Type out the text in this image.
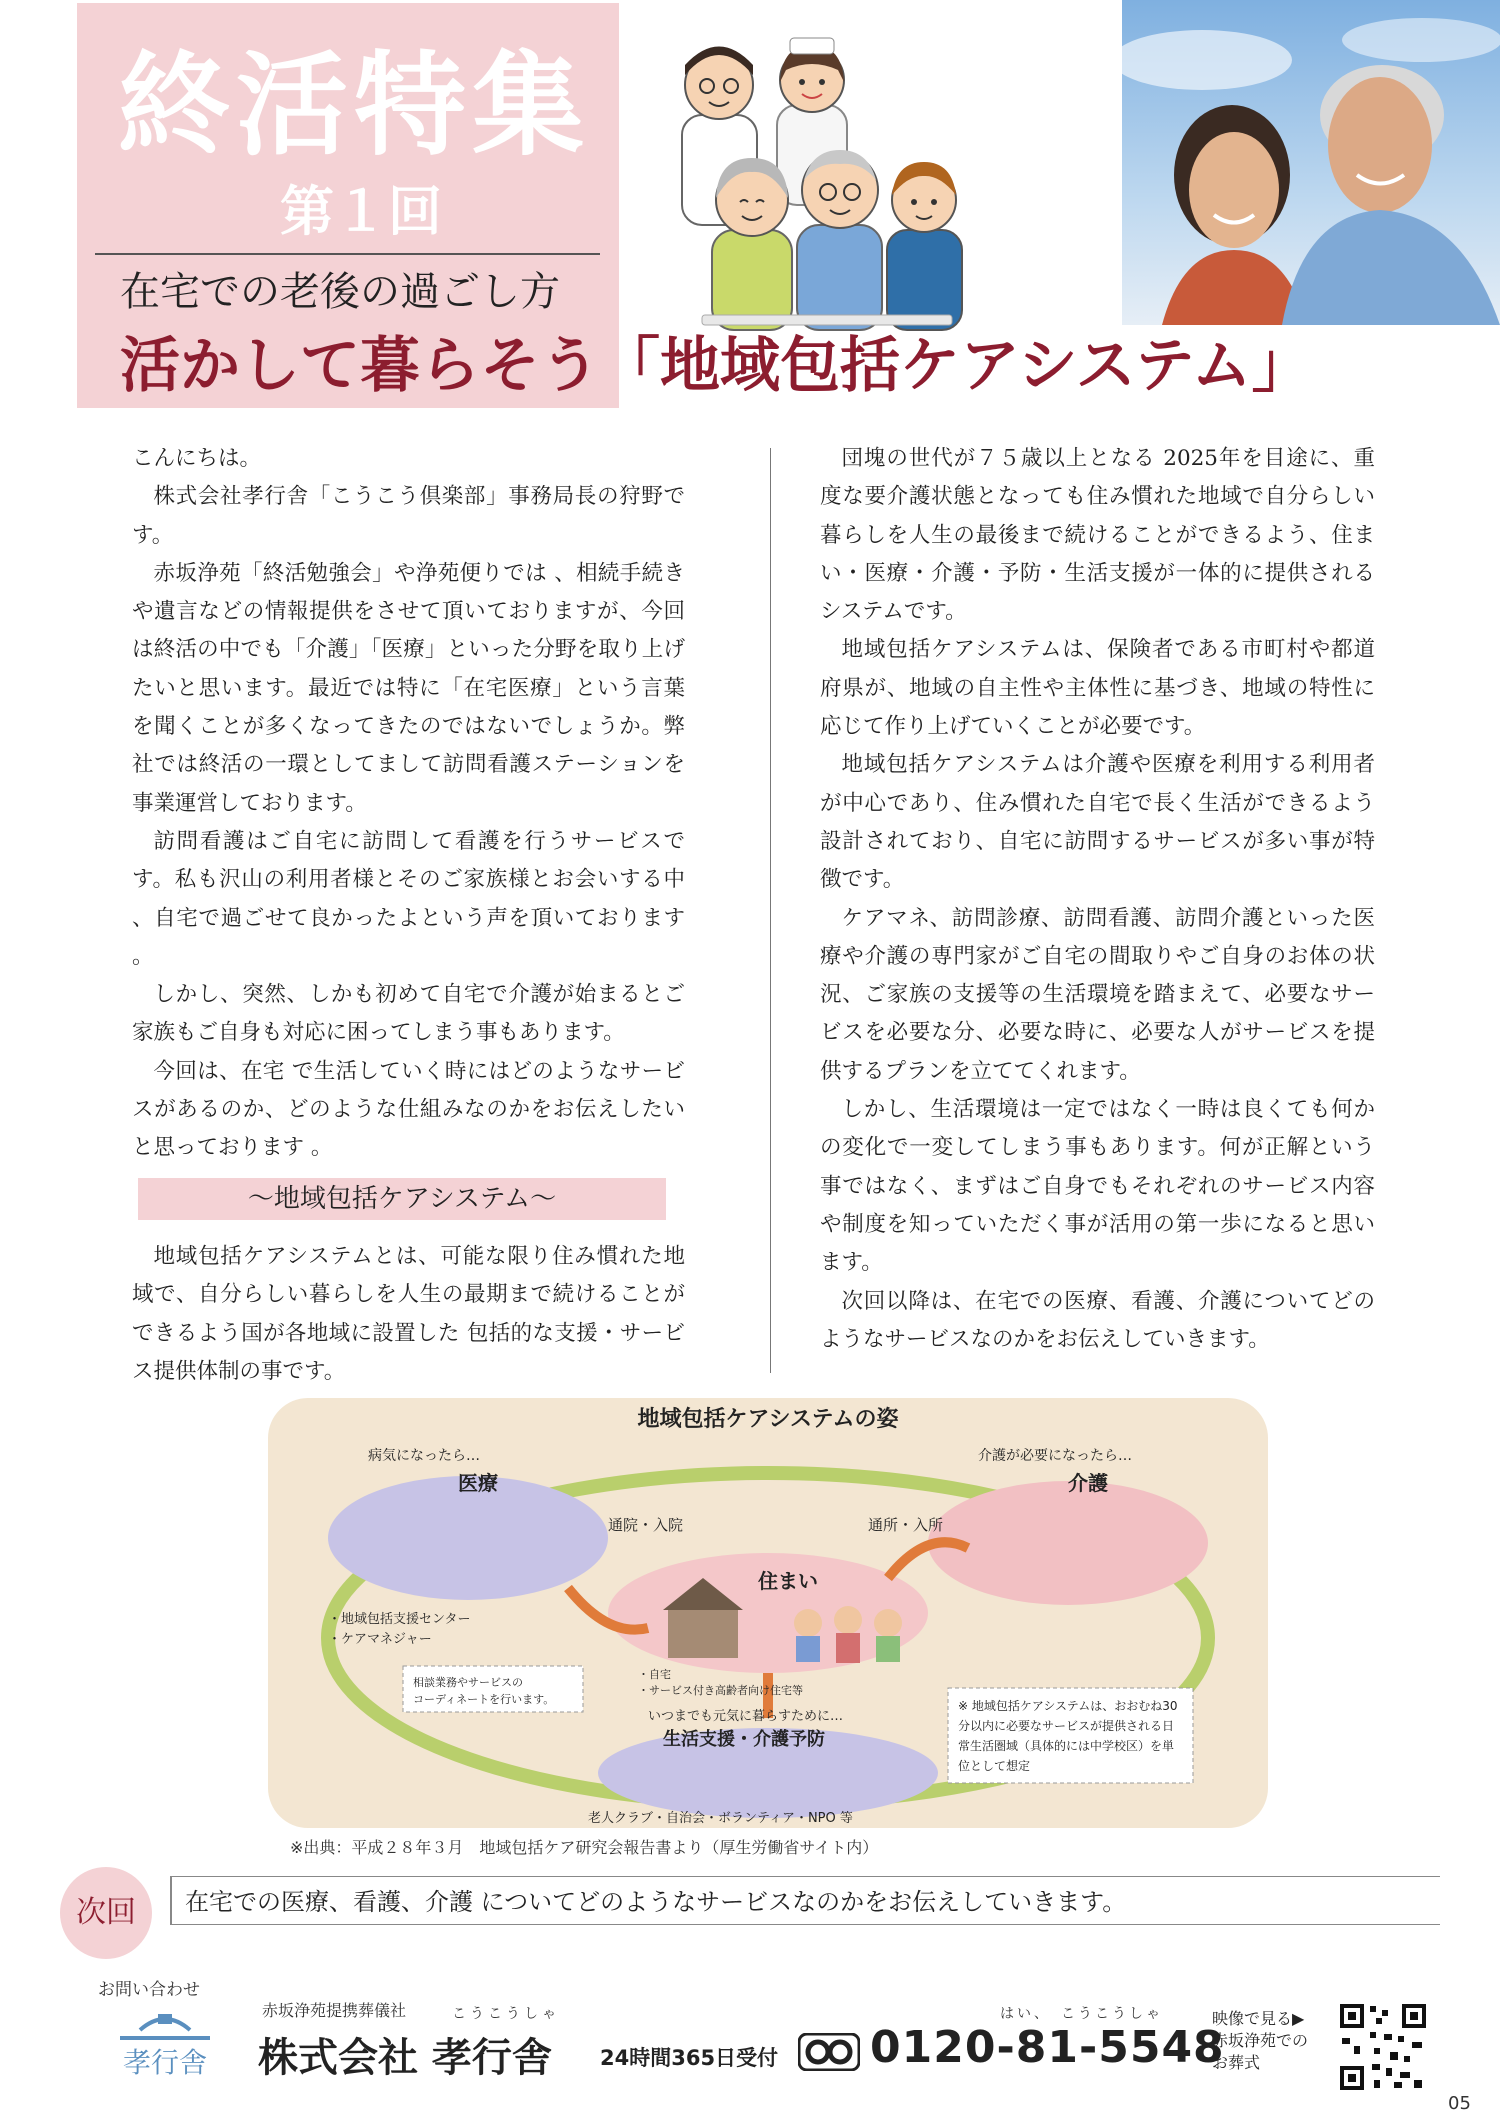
終活特集
第１回
在宅での老後の過ごし方
活かして暮らそう「地域包括ケアシステム」

こんにちは。

株式会社孝行舎「こうこう倶楽部」事務局長の狩野です。

赤坂浄苑「終活勉強会」や浄苑便りでは 、相続手続きや遺言などの情報提供をさせて頂いておりますが、今回は終活の中でも「介護」「医療」といった分野を取り上げたいと思います。最近では特に「在宅医療」という言葉を聞くことが多くなってきたのではないでしょうか。弊社では終活の一環としてまして訪問看護ステーションを事業運営しております。

訪問看護はご自宅に訪問して看護を行うサービスです。私も沢山の利用者様とそのご家族様とお会いする中 、自宅で過ごせて良かったよという声を頂いております 。

しかし、突然、しかも初めて自宅で介護が始まるとご家族もご自身も対応に困ってしまう事もあります。

今回は、在宅 で生活していく時にはどのようなサービスがあるのか、どのような仕組みなのかをお伝えしたいと思っております 。

～地域包括ケアシステム～

地域包括ケアシステムとは、可能な限り住み慣れた地域で、自分らしい暮らしを人生の最期まで続けることができるよう国が各地域に設置した 包括的な支援・サービス提供体制の事です。

団塊の世代が７５歳以上となる 2025年を目途に、重度な要介護状態となっても住み慣れた地域で自分らしい暮らしを人生の最後まで続けることができるよう、住まい・医療・介護・予防・生活支援が一体的に提供されるシステムです。

地域包括ケアシステムは、保険者である市町村や都道府県が、地域の自主性や主体性に基づき、地域の特性に応じて作り上げていくことが必要です。

地域包括ケアシステムは介護や医療を利用する利用者が中心であり、住み慣れた自宅で長く生活ができるよう設計されており、自宅に訪問するサービスが多い事が特徴です。

ケアマネ、訪問診療、訪問看護、訪問介護といった医療や介護の専門家がご自宅の間取りやご自身のお体の状況、ご家族の支援等の生活環境を踏まえて、必要なサービスを必要な分、必要な時に、必要な人がサービスを提供するプランを立ててくれます。

しかし、生活環境は一定ではなく一時は良くても何かの変化で一変してしまう事もあります。何が正解という事ではなく、まずはご自身でもそれぞれのサービス内容や制度を知っていただく事が活用の第一歩になると思います。

次回以降は、在宅での医療、看護、介護についてどのようなサービスなのかをお伝えしていきます。

地域包括ケアシステムの姿
病気になったら…
医療
介護が必要になったら…
介護
住まい
通院・入院	通所・入所
・地域包括支援センター
・ケアマネジャー
相談業務やサービスの
コーディネートを行います。
・自宅
・サービス付き高齢者向け住宅等
いつまでも元気に暮らすために…
生活支援・介護予防
老人クラブ・自治会・ボランティア・NPO 等
※ 地域包括ケアシステムは、おおむね30
分以内に必要なサービスが提供される日
常生活圏域（具体的には中学校区）を単
位として想定
※出典：平成２８年３月　地域包括ケア研究会報告書より（厚生労働省サイト内）
次回	在宅での医療、看護、介護 についてどのようなサービスなのかをお伝えしていきます。
お問い合わせ
孝行舎
赤坂浄苑提携葬儀社	こうこうしゃ
株式会社 孝行舎 24時間365日受付
はい、　こうこうしゃ
0120-81-5548
映像で見る▶
赤坂浄苑での
お葬式
05
